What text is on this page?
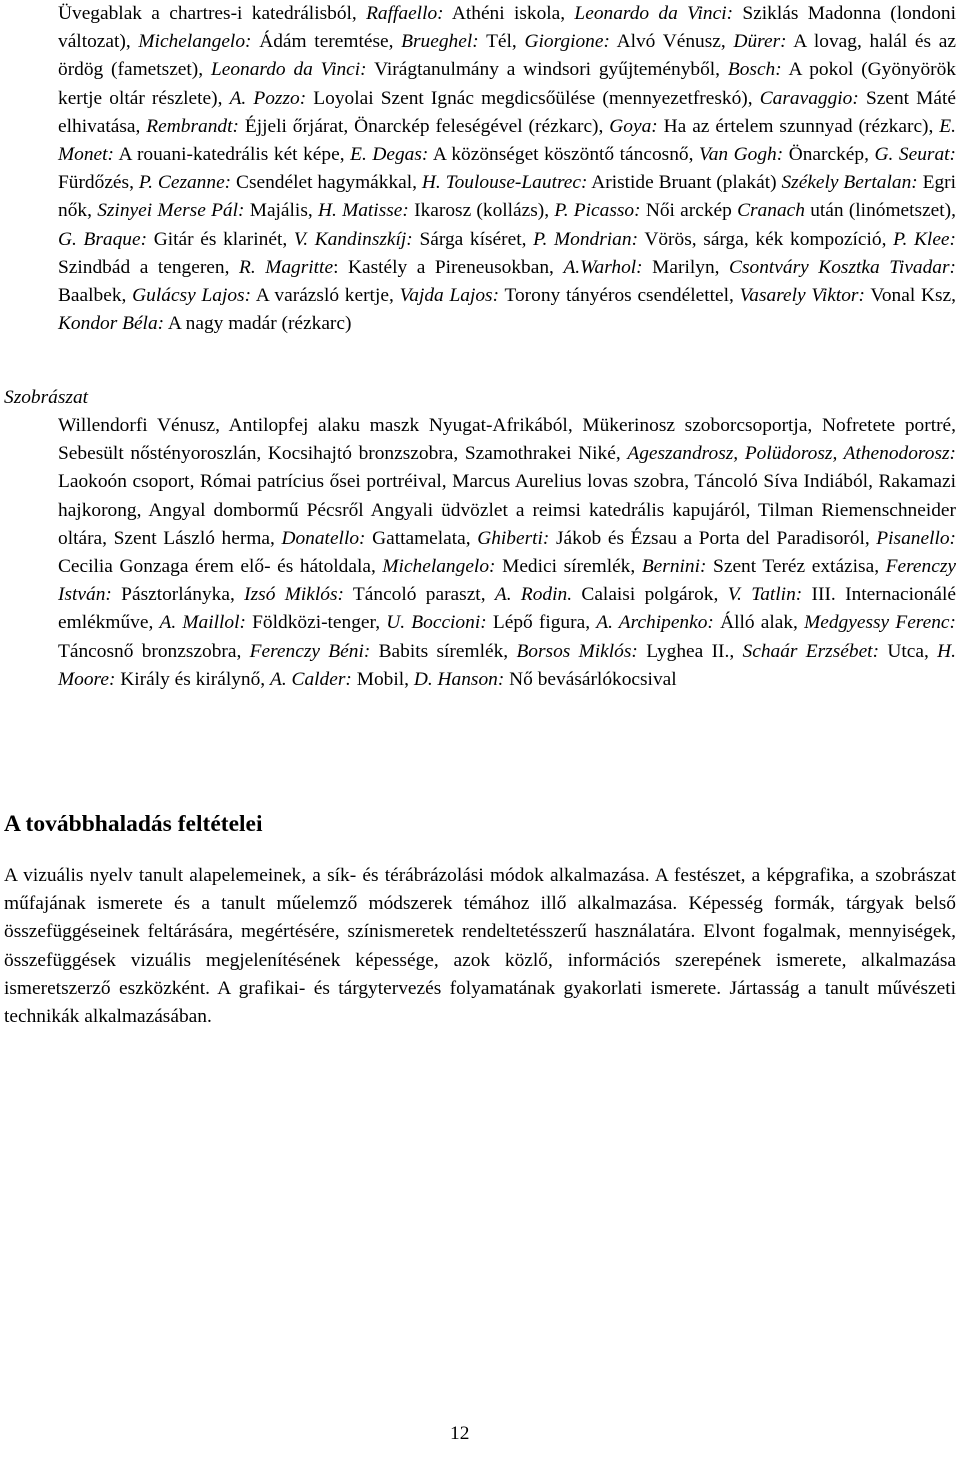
Üvegablak a chartres-i katedrálisból, Raffaello: Athéni iskola, Leonardo da Vinci: Sziklás Madonna (londoni változat), Michelangelo: Ádám teremtése, Brueghel: Tél, Giorgione: Alvó Vénusz, Dürer: A lovag, halál és az ördög (fametszet), Leonardo da Vinci: Virágtanulmány a windsori gyűjteményből, Bosch: A pokol (Gyönyörök kertje oltár részlete), A. Pozzo: Loyolai Szent Ignác megdicsőülése (mennyezetfreskó), Caravaggio: Szent Máté elhivatása, Rembrandt: Éjjeli őrjárat, Önarckép feleségével (rézkarc), Goya: Ha az értelem szunnyad (rézkarc), E. Monet: A rouani-katedrális két képe, E. Degas: A közönséget köszöntő táncosnő, Van Gogh: Önarckép, G. Seurat: Fürdőzés, P. Cezanne: Csendélet hagymákkal, H. Toulouse-Lautrec: Aristide Bruant (plakát) Székely Bertalan: Egri nők, Szinyei Merse Pál: Majális, H. Matisse: Ikarosz (kollázs), P. Picasso: Női arckép Cranach után (linómetszet), G. Braque: Gitár és klarinét, V. Kandinszkíj: Sárga kíséret, P. Mondrian: Vörös, sárga, kék kompozíció, P. Klee: Szindbád a tengeren, R. Magritte: Kastély a Pireneusokban, A.Warhol: Marilyn, Csontváry Kosztka Tivadar: Baalbek, Gulácsy Lajos: A varázsló kertje, Vajda Lajos: Torony tányéros csendélettel, Vasarely Viktor: Vonal Ksz, Kondor Béla: A nagy madár (rézkarc)

Szobrászat

Willendorfi Vénusz, Antilopfej alaku maszk Nyugat-Afrikából, Mükerinosz szoborcsoportja, Nofretete portré, Sebesült nőstényoroszlán, Kocsihajtó bronzszobra, Szamothrakei Niké, Ageszandrosz, Polüdorosz, Athenodorosz: Laokoón csoport, Római patrícius ősei portréival, Marcus Aurelius lovas szobra, Táncoló Síva Indiából, Rakamazi hajkorong, Angyal dombormű Pécsről Angyali üdvözlet a reimsi katedrális kapujáról, Tilman Riemenschneider oltára, Szent László herma, Donatello: Gattamelata, Ghiberti: Jákob és Ézsau a Porta del Paradisoról, Pisanello: Cecilia Gonzaga érem elő- és hátoldala, Michelangelo: Medici síremlék, Bernini: Szent Teréz extázisa, Ferenczy István: Pásztorlányka, Izsó Miklós: Táncoló paraszt, A. Rodin. Calaisi polgárok, V. Tatlin: III. Internacionálé emlékműve, A. Maillol: Földközi-tenger, U. Boccioni: Lépő figura, A. Archipenko: Álló alak, Medgyessy Ferenc: Táncosnő bronzszobra, Ferenczy Béni: Babits síremlék, Borsos Miklós: Lyghea II., Schaár Erzsébet: Utca, H. Moore: Király és királynő, A. Calder: Mobil, D. Hanson: Nő bevásárlókocsival

A továbbhaladás feltételei

A vizuális nyelv tanult alapelemeinek, a sík- és térábrázolási módok alkalmazása. A festészet, a képgrafika, a szobrászat műfajának ismerete és a tanult műelemző módszerek témához illő alkalmazása. Képesség formák, tárgyak belső összefüggéseinek feltárására, megértésére, színismeretek rendeltetésszerű használatára. Elvont fogalmak, mennyiségek, összefüggések vizuális megjelenítésének képessége, azok közlő, információs szerepének ismerete, alkalmazása ismeretszerző eszközként. A grafikai- és tárgytervezés folyamatának gyakorlati ismerete. Jártasság a tanult művészeti technikák alkalmazásában.

12
